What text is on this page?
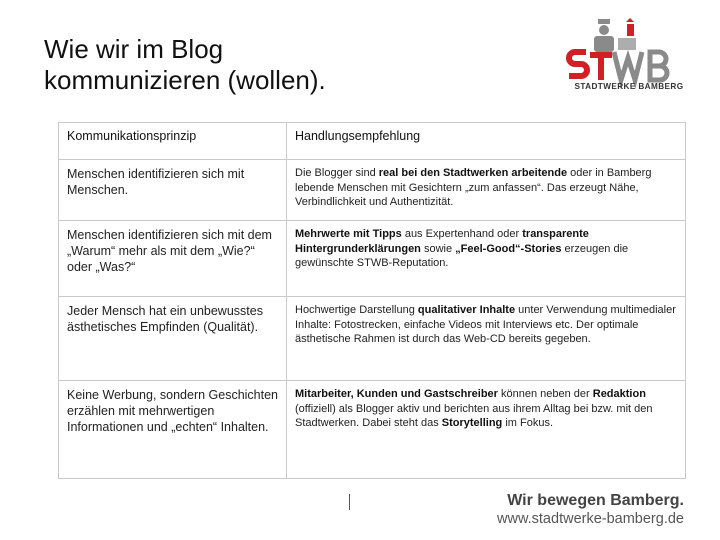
Wie wir im Blog
kommunizieren (wollen).	STADTWERKE BAMBERG
Kommunikationsprinzip	Handlungsempfehlung
Menschen identifizieren sich mit Menschen.	Die Blogger sind real bei den Stadtwerken arbeitende oder in Bamberg lebende Menschen mit Gesichtern „zum anfassen“. Das erzeugt Nähe, Verbindlichkeit und Authentizität.
Menschen identifizieren sich mit dem „Warum“ mehr als mit dem „Wie?“ oder „Was?“	Mehrwerte mit Tipps aus Expertenhand oder transparente Hintergrunderklärungen sowie „Feel-Good“-Stories erzeugen die gewünschte STWB-Reputation.
Jeder Mensch hat ein unbewusstes ästhetisches Empfinden (Qualität).	Hochwertige Darstellung qualitativer Inhalte unter Verwendung multimedialer Inhalte: Fotostrecken, einfache Videos mit Interviews etc. Der optimale ästhetische Rahmen ist durch das Web-CD bereits gegeben.
Keine Werbung, sondern Geschichten erzählen mit mehrwertigen Informationen und „echten“ Inhalten.	Mitarbeiter, Kunden und Gastschreiber können neben der Redaktion (offiziell) als Blogger aktiv und berichten aus ihrem Alltag bei bzw. mit den Stadtwerken. Dabei steht das Storytelling im Fokus.
Wir bewegen Bamberg.
www.stadtwerke-bamberg.de
